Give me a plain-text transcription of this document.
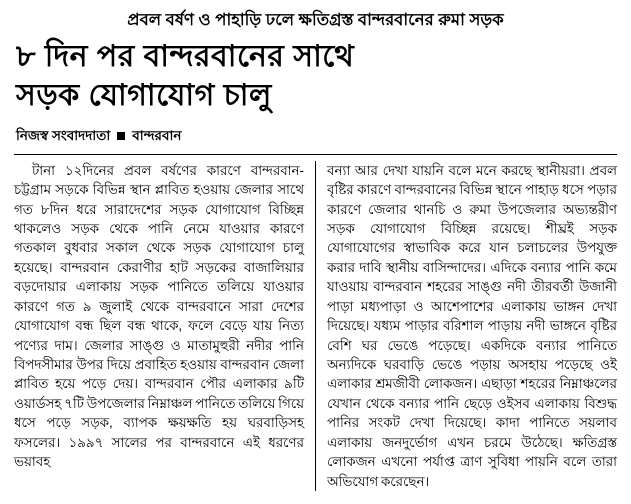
প্রবল বর্ষণ ও পাহাড়ি ঢলে ক্ষতিগ্রস্ত বান্দরবানের রুমা সড়ক
৮ দিন পর বান্দরবানের সাথে
সড়ক যোগাযোগ চালু
নিজস্ব সংবাদদাতা বান্দরবান

টানা ১২দিনের প্রবল বর্ষণের কারণে বান্দরবান-চট্টগ্রাম সড়কে বিভিন্ন স্থান প্লাবিত হওয়ায় জেলার সাথে গত ৮দিন ধরে সারাদেশের সড়ক যোগাযোগ বিচ্ছিন্ন থাকলেও সড়ক থেকে পানি নেমে যাওয়ার কারণে গতকাল বুধবার সকাল থেকে সড়ক যোগাযোগ চালু হয়েছে। বান্দরবান কেরাণীর হাট সড়কের বাজালিয়ার বড়দোয়ার এলাকায় সড়ক পানিতে তলিয়ে যাওয়ার কারণে গত ৯ জুলাই থেকে বান্দরবানে সারা দেশের যোগাযোগ বন্ধ ছিল বন্ধ থাকে, ফলে বেড়ে যায় নিত্য পণ্যের দাম। জেলার সাঙ্গু ও মাতামুহুরী নদীর পানি বিপদসীমার উপর দিয়ে প্রবাহিত হওয়ায় বান্দরবান জেলা প্লাবিত হয়ে পড়ে দেয়। বান্দরবান পৌর এলাকার ৯টি ওয়ার্ডসহ ৭টি উপজেলার নিম্নাঞ্চল পানিতে তলিয়ে গিয়ে ধসে পড়ে সড়ক, ব্যাপক ক্ষয়ক্ষতি হয় ঘরবাড়িসহ ফসলের। ১৯৯৭ সালের পর বান্দরবানে এই ধরণের ভয়াবহ

বন্যা আর দেখা যায়নি বলে মনে করছে স্থানীয়রা। প্রবল বৃষ্টির কারণে বান্দরবানের বিভিন্ন স্থানে পাহাড় ধসে পড়ার কারণে জেলার থানচি ও রুমা উপজেলার অভ্যন্তরীণ সড়ক যোগাযোগ বিচ্ছিন্ন রয়েছে। শীঘ্রই সড়ক যোগাযোগের স্বাভাবিক করে যান চলাচলের উপযুক্ত করার দাবি স্থানীয় বাসিন্দাদের। এদিকে বন্যার পানি কমে যাওয়ায় বান্দরবান শহরের সাঙ্গু নদী তীরবর্তী উজানী পাড়া মধ্যপাড়া ও আশেপাশের এলাকায় ভাঙ্গন দেখা দিয়েছে। যধ্যম পাড়ার বরিশাল পাড়ায় নদী ভাঙ্গনে বৃষ্টির বেশি ঘর ভেঙে পড়েছে। একদিকে বন্যার পানিতে অন্যদিকে ঘরবাড়ি ভেঙে পড়ায় অসহায় পড়েছে ওই এলাকার শ্রমজীবী লোকজন। এছাড়া শহরের নিম্নাঞ্চলের যেখান থেকে বন্যার পানি ছেড়ে ওইসব এলাকায় বিশুদ্ধ পানির সংকট দেখা দিয়েছে। কাদা পানিতে সয়লাব এলাকায় জনদুর্ভোগ এখন চরমে উঠেছে। ক্ষতিগ্রস্ত লোকজন এখনো পর্যাপ্ত ত্রাণ সুবিধা পায়নি বলে তারা অভিযোগ করেছেন।
